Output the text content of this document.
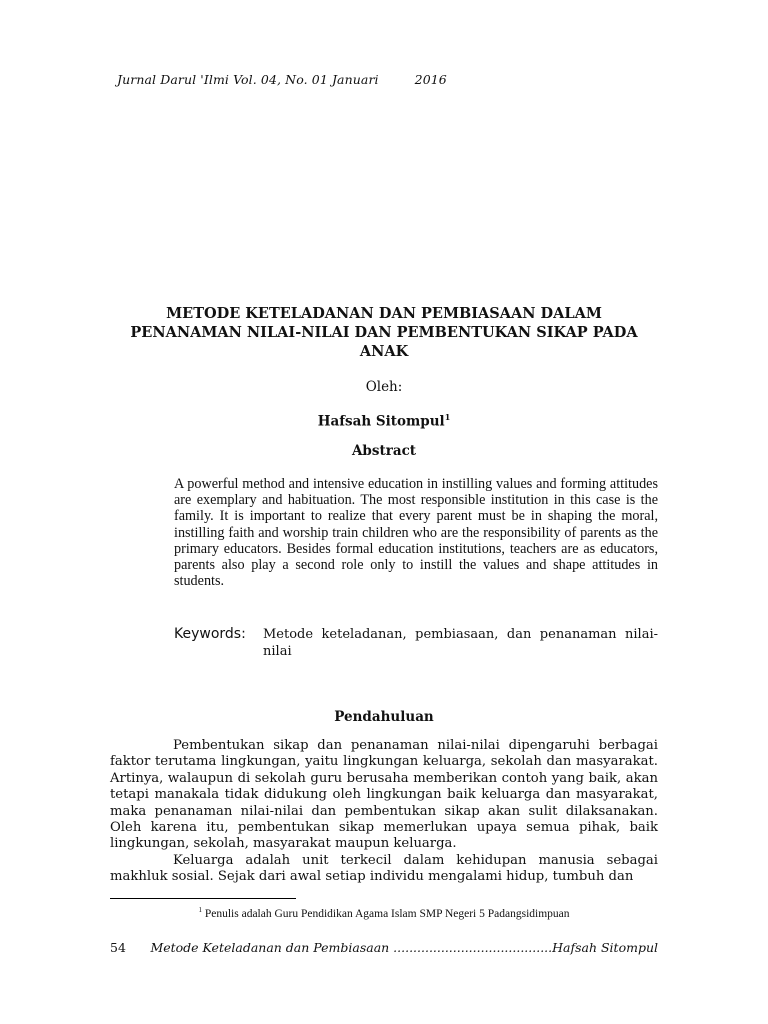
Jurnal Darul 'Ilmi Vol. 04, No. 01 Januari	2016
METODE KETELADANAN DAN PEMBIASAAN DALAM PENANAMAN NILAI-NILAI DAN PEMBENTUKAN SIKAP PADA ANAK
Oleh:
Hafsah Sitompul$^1$
Abstract
A powerful method and intensive education in instilling values and forming attitudes are exemplary and habituation. The most responsible institution in this case is the family. It is important to realize that every parent must be in shaping the moral, instilling faith and worship train children who are the responsibility of parents as the primary educators. Besides formal education institutions, teachers are as educators, parents also play a second role only to instill the values and shape attitudes in students.
Keywords: Metode keteladanan, pembiasaan, dan penanaman nilai-nilai
Pendahuluan

Pembentukan sikap dan penanaman nilai-nilai dipengaruhi berbagai faktor terutama lingkungan, yaitu lingkungan keluarga, sekolah dan masyarakat. Artinya, walaupun di sekolah guru berusaha memberikan contoh yang baik, akan tetapi manakala tidak didukung oleh lingkungan baik keluarga dan masyarakat, maka penanaman nilai-nilai dan pembentukan sikap akan sulit dilaksanakan. Oleh karena itu, pembentukan sikap memerlukan upaya semua pihak, baik lingkungan, sekolah, masyarakat maupun keluarga.

Keluarga adalah unit terkecil dalam kehidupan manusia sebagai makhluk sosial. Sejak dari awal setiap individu mengalami hidup, tumbuh dan

$^1$ Penulis adalah Guru Pendidikan Agama Islam SMP Negeri 5 Padangsidimpuan
54	Metode Keteladanan dan Pembiasaan ........................................Hafsah Sitompul
